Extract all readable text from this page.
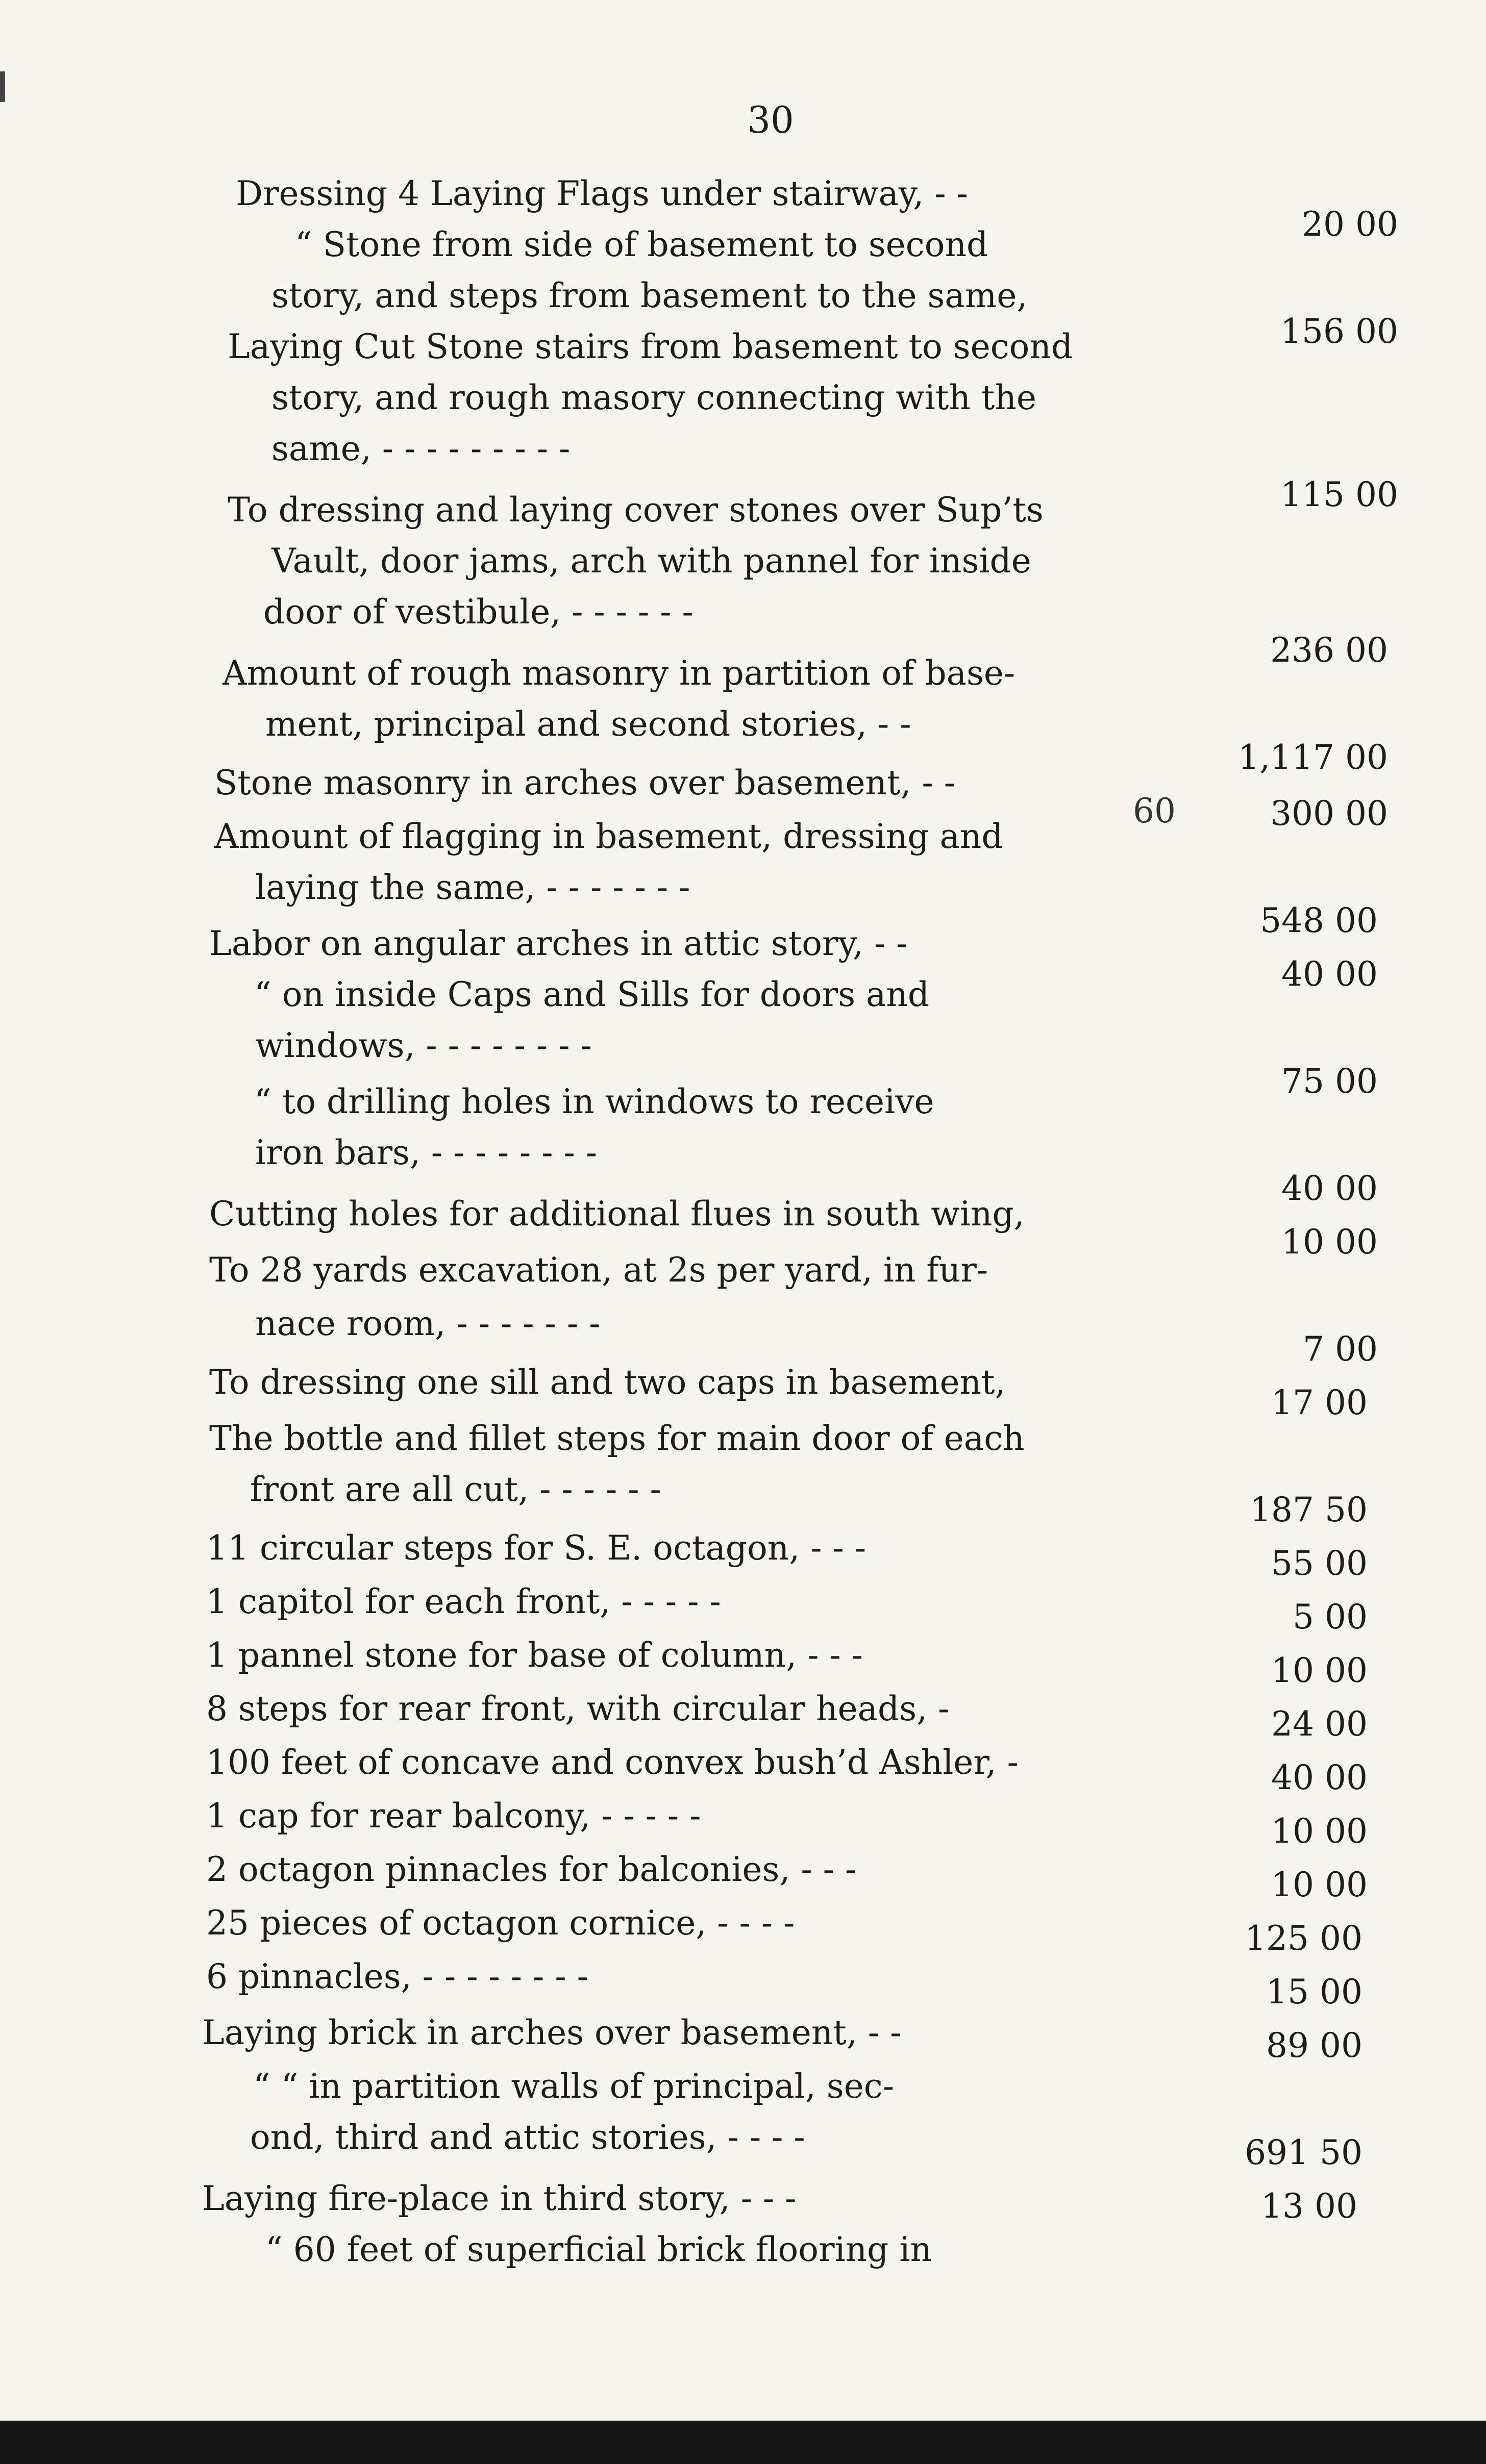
30
Dressing 4 Laying Flags under stairway, - -
“ Stone from side of basement to second
story, and steps from basement to the same,
Laying Cut Stone stairs from basement to second
story, and rough masory connecting with the
same, - - - - - - - - -
To dressing and laying cover stones over Sup’ts
Vault, door jams, arch with pannel for inside
door of vestibule, - - - - - -
Amount of rough masonry in partition of base-
ment, principal and second stories, - -
Stone masonry in arches over basement, - -
Amount of flagging in basement, dressing and
laying the same, - - - - - - -
Labor on angular arches in attic story, - -
“ on inside Caps and Sills for doors and
windows, - - - - - - - -
“ to drilling holes in windows to receive
iron bars, - - - - - - - -
Cutting holes for additional flues in south wing,
To 28 yards excavation, at 2s per yard, in fur-
nace room, - - - - - - -
To dressing one sill and two caps in basement,
The bottle and fillet steps for main door of each
front are all cut, - - - - - -
11 circular steps for S. E. octagon, - - -
1 capitol for each front, - - - - -
1 pannel stone for base of column, - - -
8 steps for rear front, with circular heads, -
100 feet of concave and convex bush’d Ashler, -
1 cap for rear balcony, - - - - -
2 octagon pinnacles for balconies, - - -
25 pieces of octagon cornice, - - - -
6 pinnacles, - - - - - - - -
Laying brick in arches over basement, - -
“ “ in partition walls of principal, sec-
ond, third and attic stories, - - - -
Laying fire-place in third story, - - -
“ 60 feet of superficial brick flooring in
20 00
156 00
115 00
236 00
1,117 00
300 00
548 00
40 00
75 00
40 00
10 00
7 00
17 00
187 50
55 00
5 00
10 00
24 00
40 00
10 00
10 00
125 00
15 00
89 00
691 50
13 00
60
